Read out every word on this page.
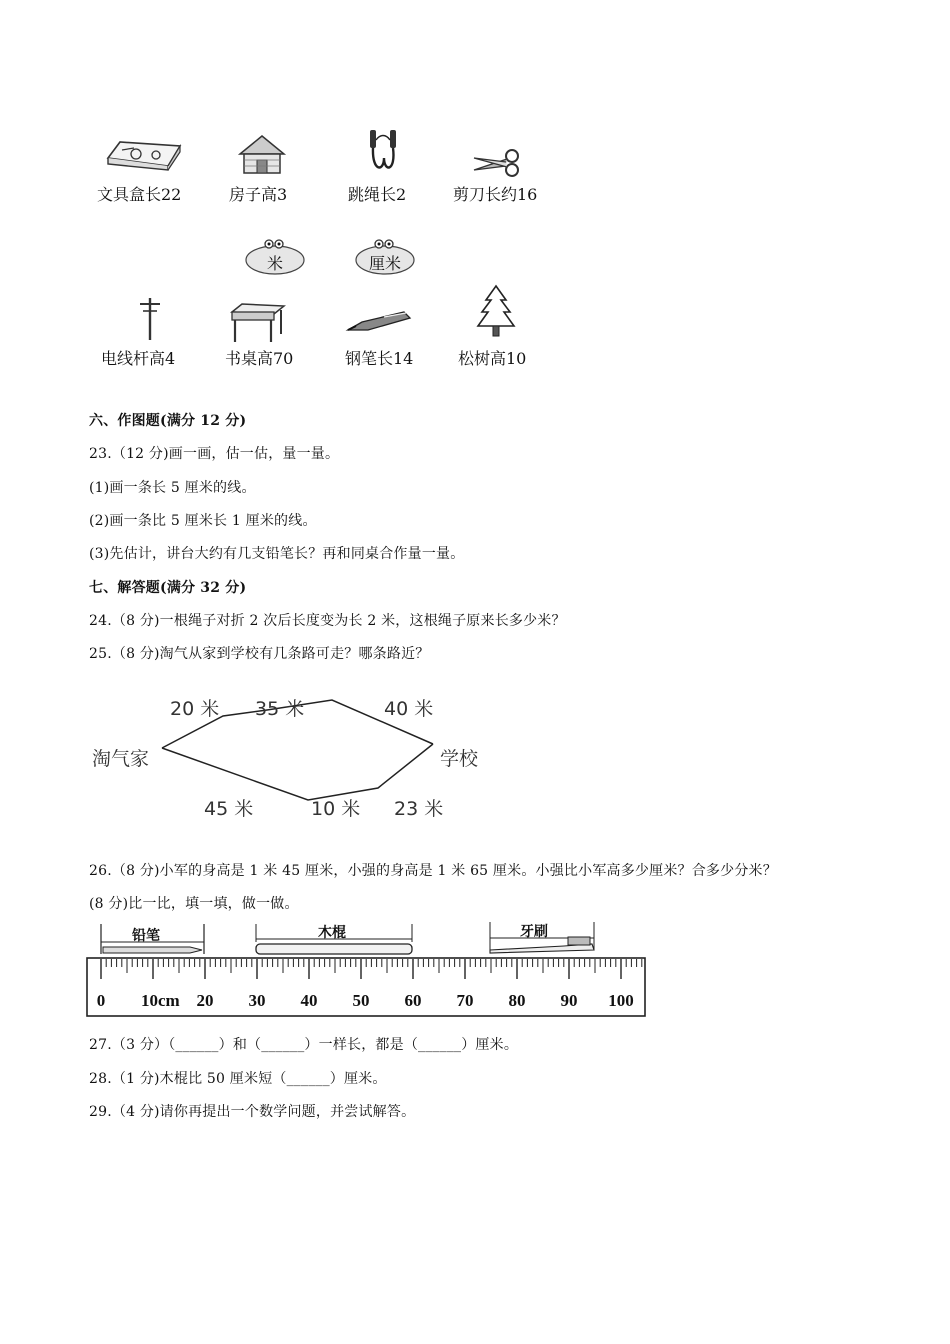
文具盒长22	房子高3	跳绳长2	剪刀长约16
米	厘米
电线杆高4	书桌高70	钢笔长14	松树高10
六、作图题(满分 12 分)
23.（12 分)画一画，估一估，量一量。
(1)画一条长 5 厘米的线。
(2)画一条比 5 厘米长 1 厘米的线。
(3)先估计，讲台大约有几支铅笔长？再和同桌合作量一量。
七、解答题(满分 32 分)
24.（8 分)一根绳子对折 2 次后长度变为长 2 米，这根绳子原来长多少米？
25.（8 分)淘气从家到学校有几条路可走？哪条路近？
淘气家	学校
20 米 35 米	40 米
45 米	10 米 23 米
26.（8 分)小军的身高是 1 米 45 厘米，小强的身高是 1 米 65 厘米。小强比小军高多少厘米？合多少分米？
(8 分)比一比，填一填，做一做。
铅笔	木棍	牙刷
0 10cm 20 30 40 50 60 70 80 90 100
27.（3 分）（______）和（______）一样长，都是（______）厘米。
28.（1 分)木棍比 50 厘米短（______）厘米。
29.（4 分)请你再提出一个数学问题，并尝试解答。
